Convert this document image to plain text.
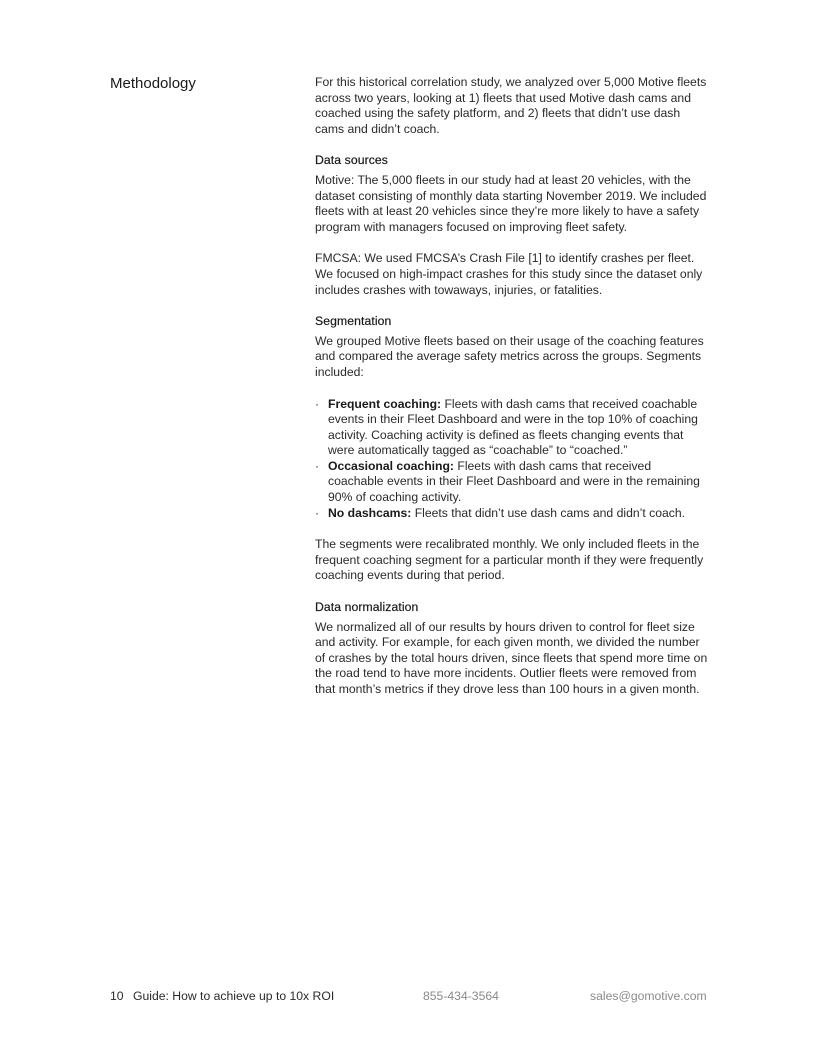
Methodology	For this historical correlation study, we analyzed over 5,000 Motive fleets across two years, looking at 1) fleets that used Motive dash cams and coached using the safety platform, and 2) fleets that didn’t use dash cams and didn’t coach.

Data sources

Motive: The 5,000 fleets in our study had at least 20 vehicles, with the dataset consisting of monthly data starting November 2019. We included fleets with at least 20 vehicles since they’re more likely to have a safety program with managers focused on improving fleet safety.

FMCSA: We used FMCSA’s Crash File [1] to identify crashes per fleet. We focused on high-impact crashes for this study since the dataset only includes crashes with towaways, injuries, or fatalities.

Segmentation

We grouped Motive fleets based on their usage of the coaching features and compared the average safety metrics across the groups. Segments included:

· Frequent coaching: Fleets with dash cams that received coachable events in their Fleet Dashboard and were in the top 10% of coaching activity. Coaching activity is defined as fleets changing events that were automatically tagged as “coachable” to “coached.”
· Occasional coaching: Fleets with dash cams that received coachable events in their Fleet Dashboard and were in the remaining 90% of coaching activity.
· No dashcams: Fleets that didn’t use dash cams and didn’t coach.

The segments were recalibrated monthly. We only included fleets in the frequent coaching segment for a particular month if they were frequently coaching events during that period.

Data normalization

We normalized all of our results by hours driven to control for fleet size and activity. For example, for each given month, we divided the number of crashes by the total hours driven, since fleets that spend more time on the road tend to have more incidents. Outlier fleets were removed from that month’s metrics if they drove less than 100 hours in a given month.

10 Guide: How to achieve up to 10x ROI	855-434-3564	sales@gomotive.com
